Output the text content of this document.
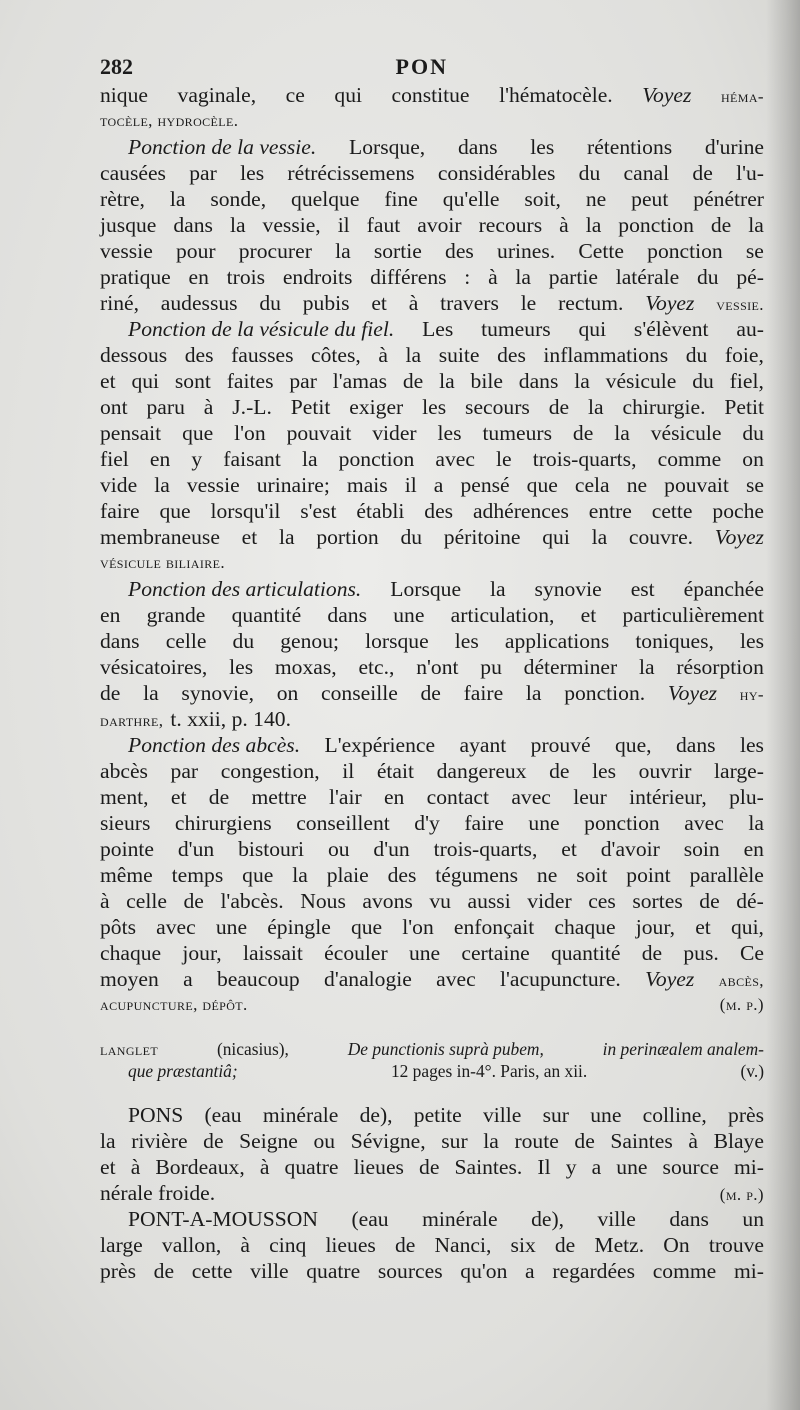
282	PON
nique vaginale, ce qui constitue l'hématocèle. Voyez héma-
tocèle, hydrocèle.
Ponction de la vessie. Lorsque, dans les rétentions d'urine
causées par les rétrécissemens considérables du canal de l'u-
rètre, la sonde, quelque fine qu'elle soit, ne peut pénétrer
jusque dans la vessie, il faut avoir recours à la ponction de la
vessie pour procurer la sortie des urines. Cette ponction se
pratique en trois endroits différens : à la partie latérale du pé-
riné, audessus du pubis et à travers le rectum. Voyez vessie.
Ponction de la vésicule du fiel. Les tumeurs qui s'élèvent au-
dessous des fausses côtes, à la suite des inflammations du foie,
et qui sont faites par l'amas de la bile dans la vésicule du fiel,
ont paru à J.-L. Petit exiger les secours de la chirurgie. Petit
pensait que l'on pouvait vider les tumeurs de la vésicule du
fiel en y faisant la ponction avec le trois-quarts, comme on
vide la vessie urinaire; mais il a pensé que cela ne pouvait se
faire que lorsqu'il s'est établi des adhérences entre cette poche
membraneuse et la portion du péritoine qui la couvre. Voyez
vésicule biliaire.
Ponction des articulations. Lorsque la synovie est épanchée
en grande quantité dans une articulation, et particulièrement
dans celle du genou; lorsque les applications toniques, les
vésicatoires, les moxas, etc., n'ont pu déterminer la résorption
de la synovie, on conseille de faire la ponction. Voyez hy-
darthre, t. xxii, p. 140.
Ponction des abcès. L'expérience ayant prouvé que, dans les
abcès par congestion, il était dangereux de les ouvrir large-
ment, et de mettre l'air en contact avec leur intérieur, plu-
sieurs chirurgiens conseillent d'y faire une ponction avec la
pointe d'un bistouri ou d'un trois-quarts, et d'avoir soin en
même temps que la plaie des tégumens ne soit point parallèle
à celle de l'abcès. Nous avons vu aussi vider ces sortes de dé-
pôts avec une épingle que l'on enfonçait chaque jour, et qui,
chaque jour, laissait écouler une certaine quantité de pus. Ce
moyen a beaucoup d'analogie avec l'acupuncture. Voyez abcès,
acupuncture, dépôt.	(m. p.)
langlet	(nicasius),	De punctionis suprà pubem,	in perinæalem analem-
que præstantiâ;	12 pages in-4°. Paris, an xii.	(v.)
PONS (eau minérale de), petite ville sur une colline, près
la rivière de Seigne ou Sévigne, sur la route de Saintes à Blaye
et à Bordeaux, à quatre lieues de Saintes. Il y a une source mi-
nérale froide.	(m. p.)
PONT-A-MOUSSON (eau minérale de), ville dans un
large vallon, à cinq lieues de Nanci, six de Metz. On trouve
près de cette ville quatre sources qu'on a regardées comme mi-
